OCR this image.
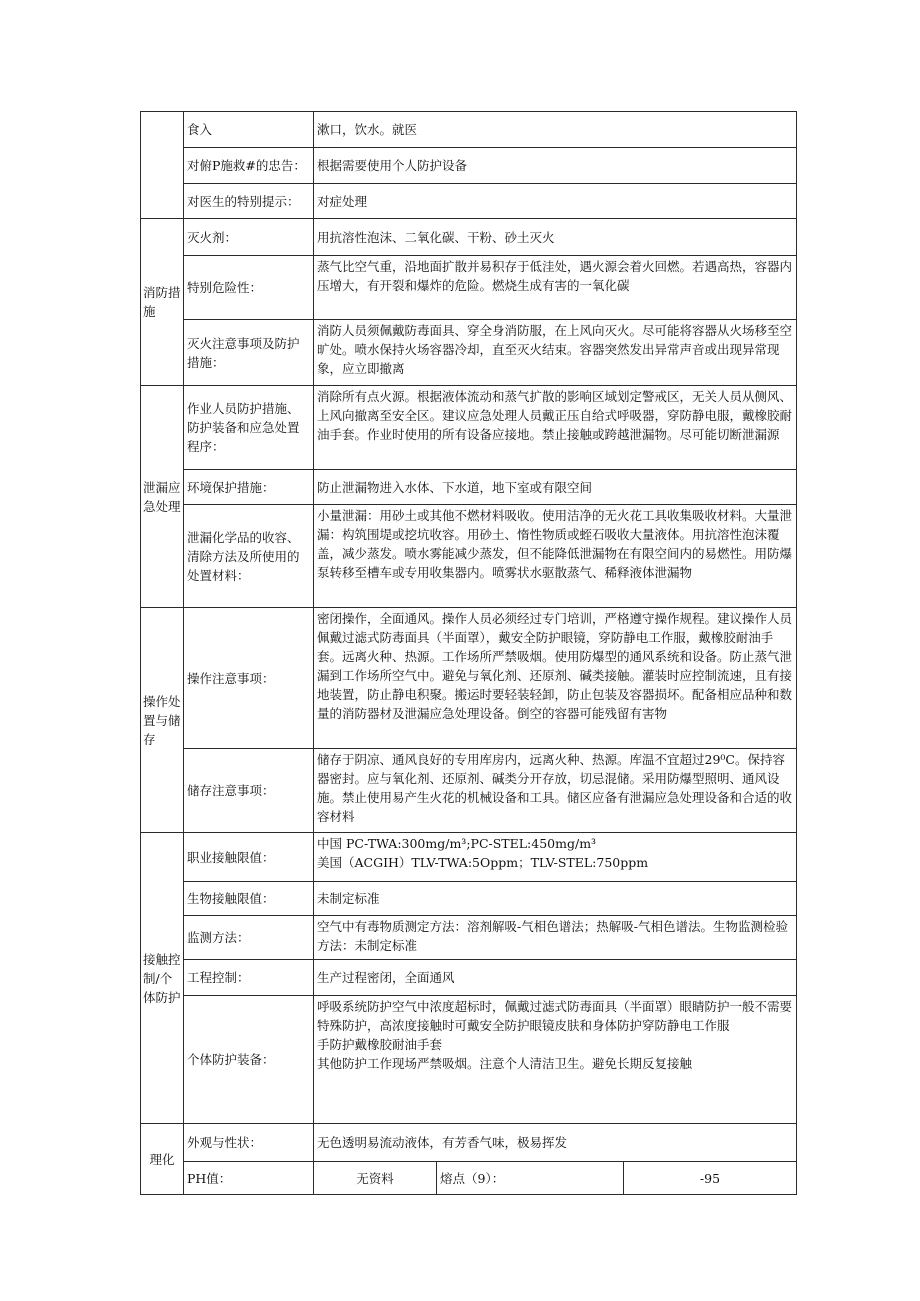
	食入	漱口，饮水。就医		
	对俯P施救#的忠告：	根据需要使用个人防护设备		
	对医生的特别提示：	对症处理		
消防措施	灭火剂：	用抗溶性泡沫、二氧化碳、干粉、砂土灭火		
	特别危险性：	蒸气比空气重，沿地面扩散并易积存于低洼处，遇火源会着火回燃。若遇高热，容器内压增大，有开裂和爆炸的危险。燃烧生成有害的一氧化碳		
	灭火注意事项及防护措施：	消防人员须佩戴防毒面具、穿全身消防服，在上风向灭火。尽可能将容器从火场移至空旷处。喷水保持火场容器冷却，直至灭火结束。容器突然发出异常声音或出现异常现象，应立即撤离		
泄漏应急处理	作业人员防护措施、防护装备和应急处置程序：	消除所有点火源。根据液体流动和蒸气扩散的影响区域划定警戒区，无关人员从侧风、上风向撤离至安全区。建议应急处理人员戴正压自给式呼吸器，穿防静电服，戴橡胶耐油手套。作业时使用的所有设备应接地。禁止接触或跨越泄漏物。尽可能切断泄漏源		
	环境保护措施：	防止泄漏物进入水体、下水道，地下室或有限空间		
	泄漏化学品的收容、清除方法及所使用的处置材料：	小量泄漏：用砂土或其他不燃材料吸收。使用洁净的无火花工具收集吸收材料。大量泄漏：构筑围堤或挖坑收容。用砂土、惰性物质或蛭石吸收大量液体。用抗溶性泡沫覆盖，减少蒸发。喷水雾能减少蒸发，但不能降低泄漏物在有限空间内的易燃性。用防爆泵转移至槽车或专用收集器内。喷雾状水驱散蒸气、稀释液体泄漏物		
操作处置与储存	操作注意事项：	密闭操作，全面通风。操作人员必须经过专门培训，严格遵守操作规程。建议操作人员佩戴过滤式防毒面具（半面罩），戴安全防护眼镜，穿防静电工作服，戴橡胶耐油手套。远离火种、热源。工作场所严禁吸烟。使用防爆型的通风系统和设备。防止蒸气泄漏到工作场所空气中。避免与氧化剂、还原剂、碱类接触。灌装时应控制流速，且有接地装置，防止静电积聚。搬运时要轻装轻卸，防止包装及容器损坏。配备相应品种和数量的消防器材及泄漏应急处理设备。倒空的容器可能残留有害物		
	储存注意事项：	储存于阴凉、通风良好的专用库房内，远离火种、热源。库温不宜超过29⁰C。保持容器密封。应与氧化剂、还原剂、碱类分开存放，切忌混储。采用防爆型照明、通风设施。禁止使用易产生火花的机械设备和工具。储区应备有泄漏应急处理设备和合适的收容材料		
接触控制/个体防护	职业接触限值：	中国 PC-TWA:300mg/m³;PC-STEL:450mg/m³
美国（ACGIH）TLV-TWA:5Oppm；TLV-STEL:750ppm		

	生物接触限值：	未制定标准		
	监测方法：	空气中有毒物质测定方法：溶剂解吸-气相色谱法；热解吸-气相色谱法。生物监测检验方法：未制定标准		
	工程控制：	生产过程密闭，全面通风		
	个体防护装备：	呼吸系统防护空气中浓度超标时，佩戴过滤式防毒面具（半面罩）眼睛防护一般不需要特殊防护，高浓度接触时可戴安全防护眼镜皮肤和身体防护穿防静电工作服
手防护戴橡胶耐油手套
其他防护工作现场严禁吸烟。注意个人清洁卫生。避免长期反复接触		

理化	外观与性状：	无色透明易流动液体，有芳香气味，极易挥发		
	PH值：	无资料	熔点（9）：	-95
